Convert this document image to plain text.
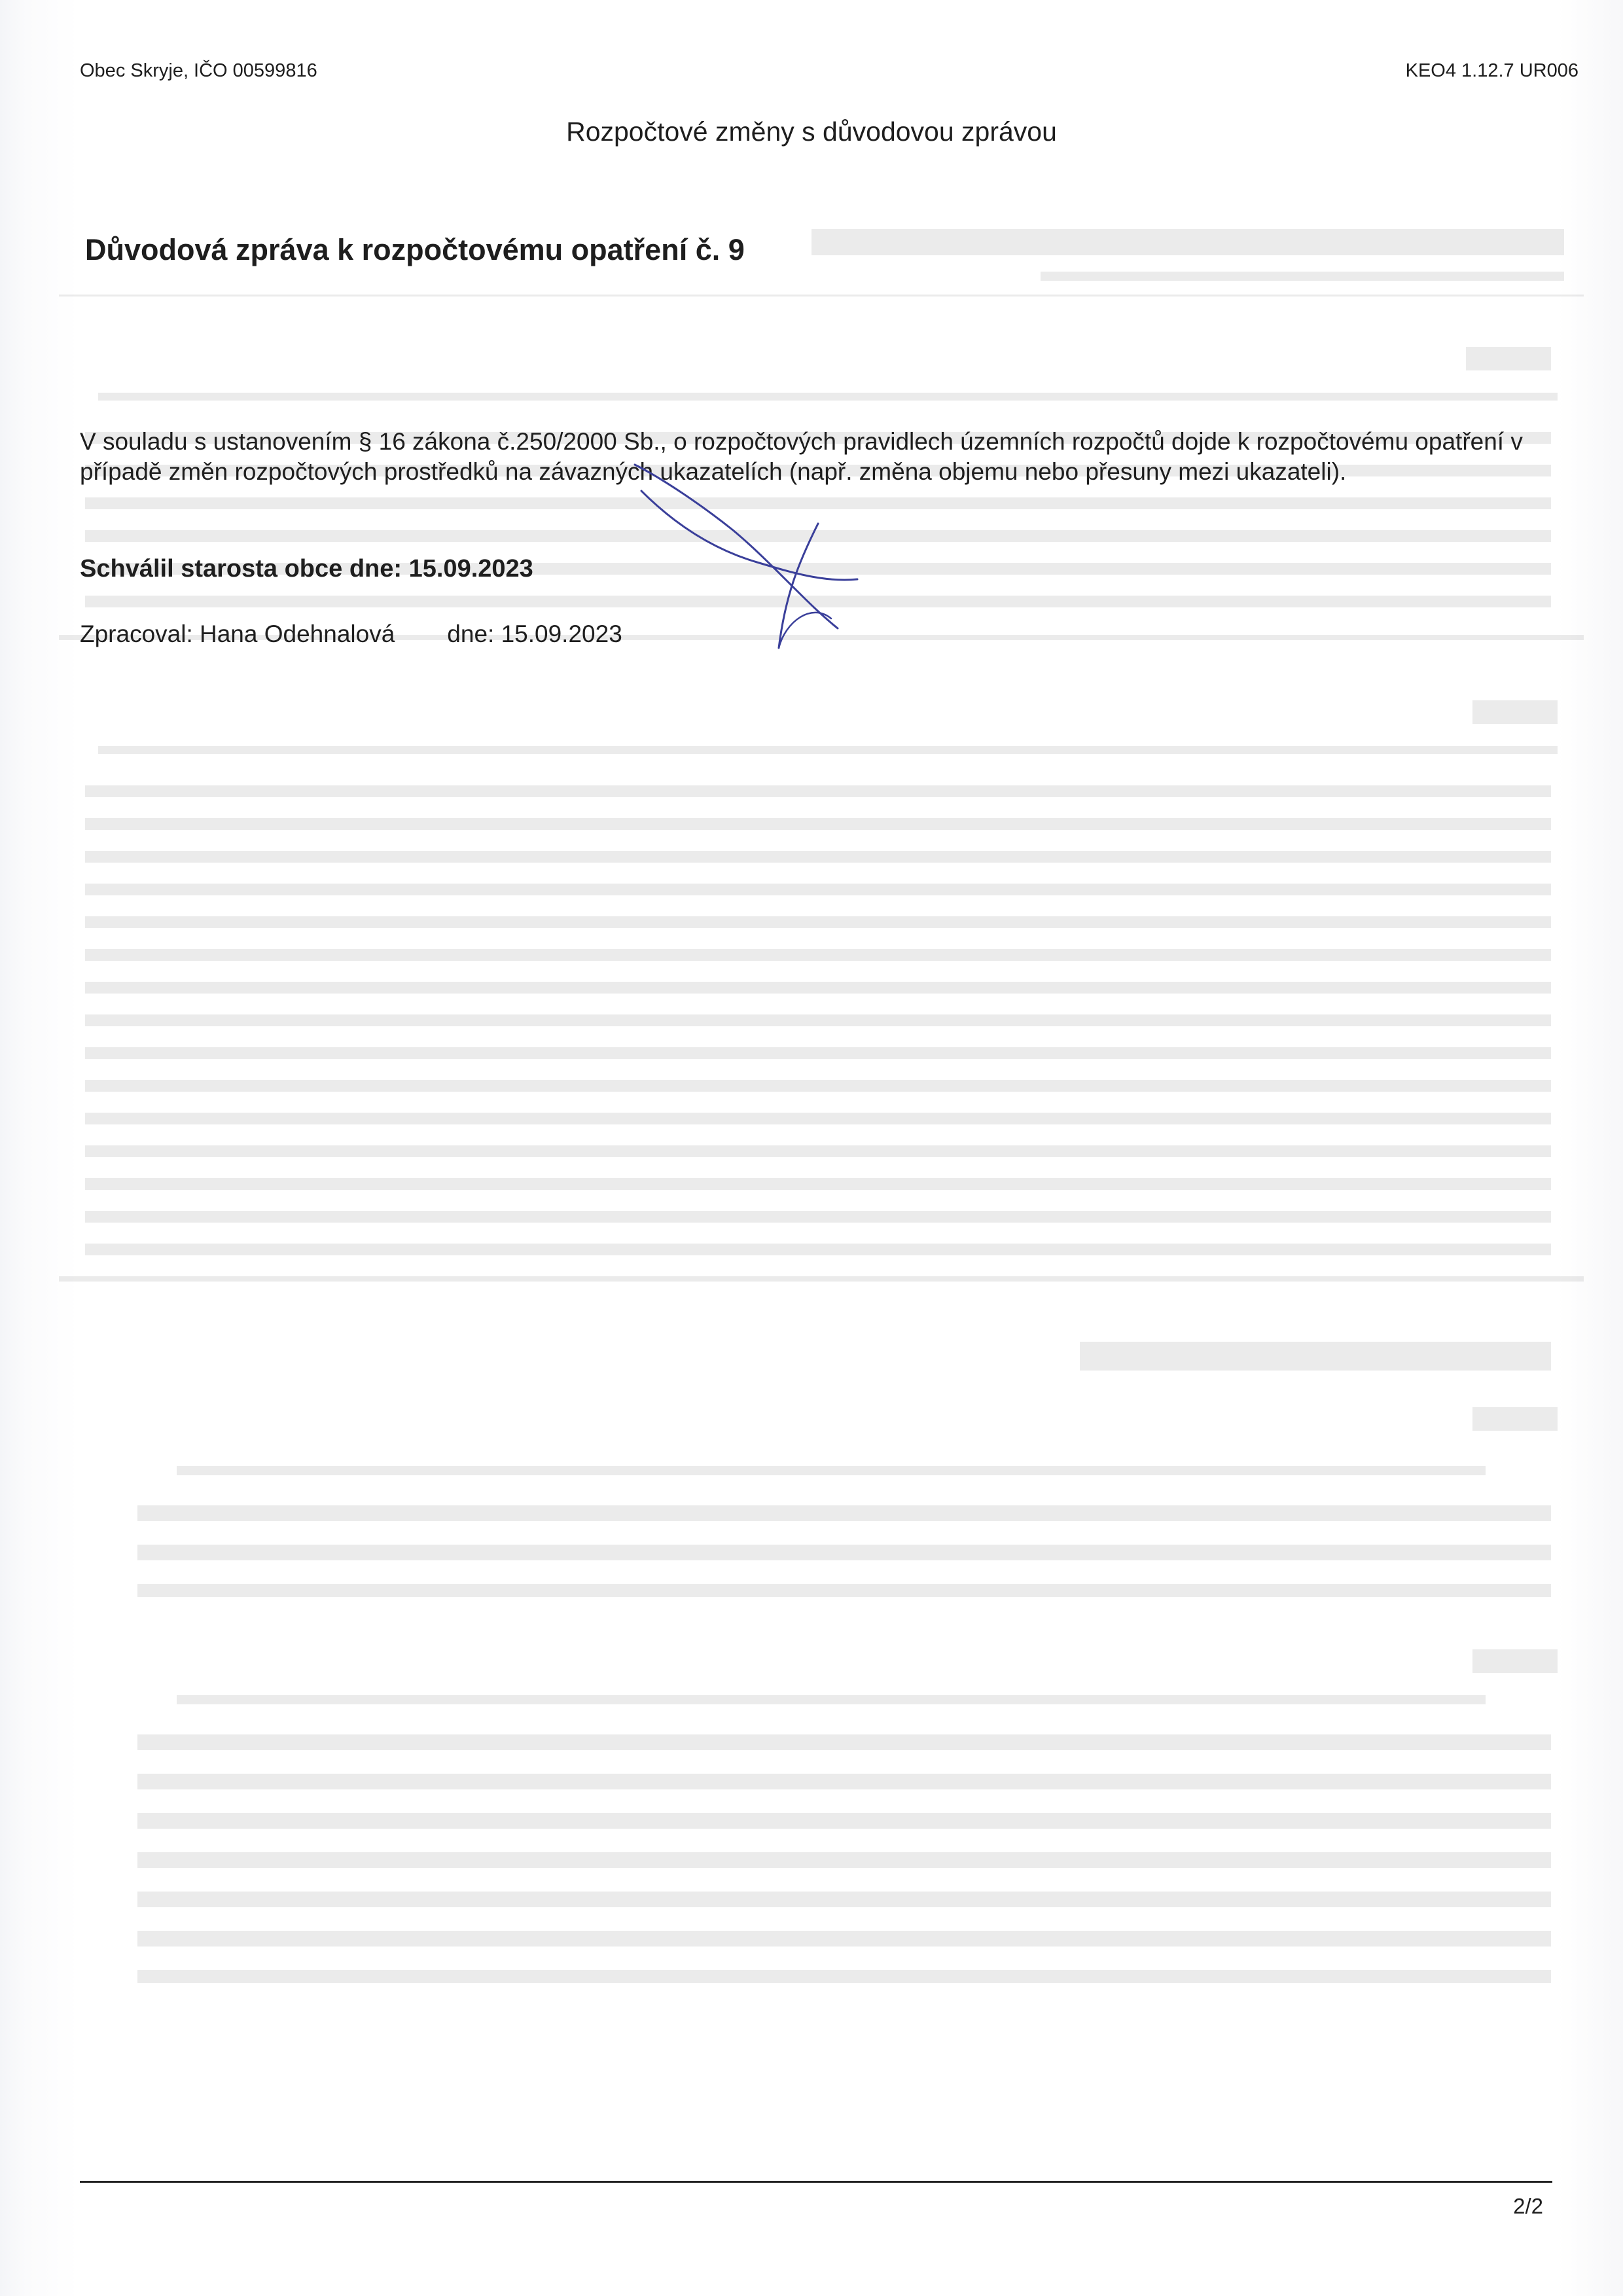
Obec Skryje, IČO 00599816	KEO4 1.12.7 UR006
Rozpočtové změny s důvodovou zprávou
Důvodová zpráva k rozpočtovému opatření č. 9
V souladu s ustanovením § 16 zákona č.250/2000 Sb., o rozpočtových pravidlech územních rozpočtů dojde k rozpočtovému opatření v případě změn rozpočtových prostředků na závazných ukazatelích (např. změna objemu nebo přesuny mezi ukazateli).
Schválil starosta obce dne: 15.09.2023
Zpracoval: Hana Odehnalová dne: 15.09.2023
2/2
